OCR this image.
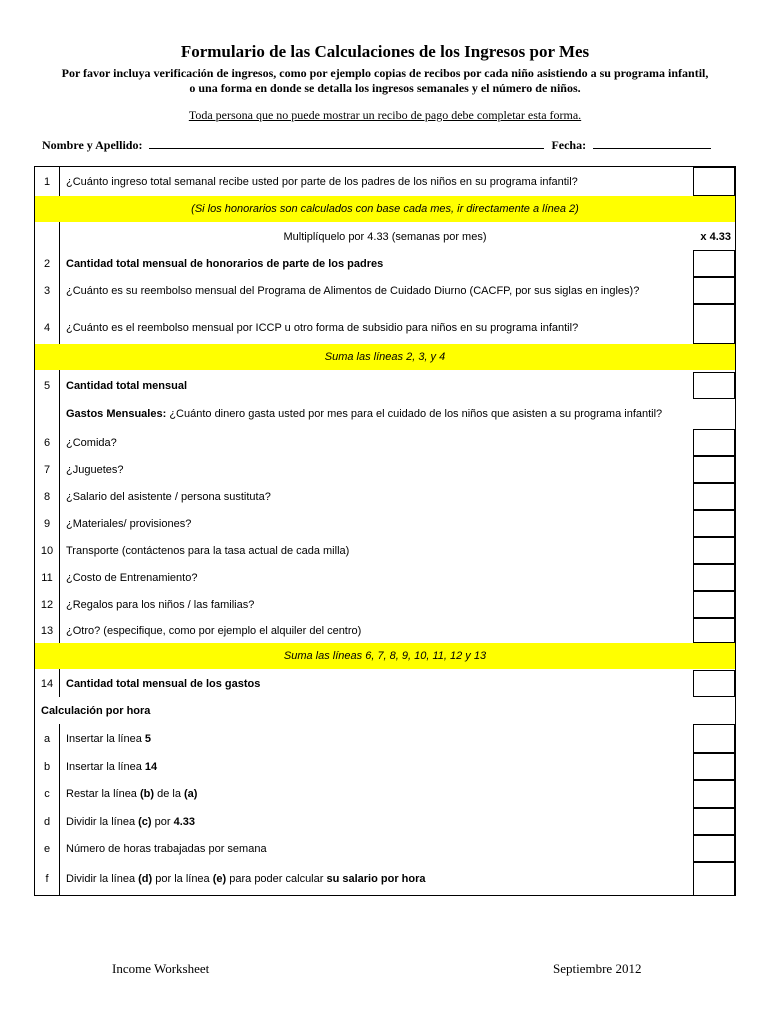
Formulario de las Calculaciones de los Ingresos por Mes
Por favor incluya verificación de ingresos, como por ejemplo copias de recibos por cada niño asistiendo a su programa infantil,
o una forma en donde se detalla los ingresos semanales y el número de niños.
Toda persona que no puede mostrar un recibo de pago debe completar esta forma.
Nombre y Apellido:	Fecha:
1	¿Cuánto ingreso total semanal recibe usted por parte de los padres de los niños en su programa infantil?
(Si los honorarios son calculados con base cada mes, ir directamente a línea 2)
Multiplíquelo por 4.33 (semanas por mes)	x 4.33
2	Cantidad total mensual de honorarios de parte de los padres
3	¿Cuánto es su reembolso mensual del Programa de Alimentos de Cuidado Diurno (CACFP, por sus siglas en ingles)?
4	¿Cuánto es el reembolso mensual por ICCP u otro forma de subsidio para niños en su programa infantil?
Suma las líneas 2, 3, y 4
5	Cantidad total mensual
Gastos Mensuales: ¿Cuánto dinero gasta usted por mes para el cuidado de los niños que asisten a su programa infantil?
6	¿Comida?
7	¿Juguetes?
8	¿Salario del asistente / persona sustituta?
9	¿Materiales/ provisiones?
10	Transporte (contáctenos para la tasa actual de cada milla)
11	¿Costo de Entrenamiento?
12	¿Regalos para los niños / las familias?
13	¿Otro? (especifique, como por ejemplo el alquiler del centro)
Suma las líneas 6, 7, 8, 9, 10, 11, 12 y 13
14	Cantidad total mensual de los gastos
Calculación por hora
a	Insertar la línea 5
b	Insertar la línea 14
c	Restar la línea (b) de la (a)
d	Dividir la línea (c) por 4.33
e	Número de horas trabajadas por semana
f	Dividir la línea (d) por la línea (e) para poder calcular su salario por hora
Income Worksheet	Septiembre 2012
